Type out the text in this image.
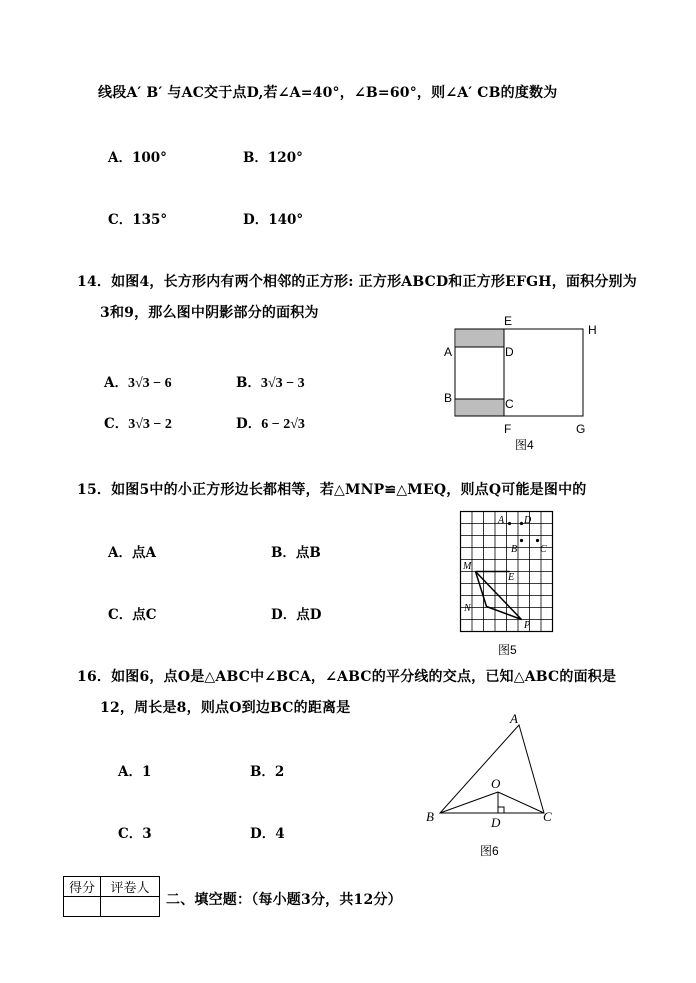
线段A′ B′ 与AC交于点D,若∠A=40°，∠B=60°，则∠A′ CB的度数为
A．100°	B．120°
C．135°	D．140°
14．如图4，长方形内有两个相邻的正方形: 正方形ABCD和正方形EFGH，面积分别为
3和9，那么图中阴影部分的面积为
A．3√3 − 6	B．3√3 − 3
C．3√3 − 2	D．6 − 2√3
E
H
A	D
B	C
F	G
图4
15．如图5中的小正方形边长都相等，若△MNP≌△MEQ，则点Q可能是图中的
A．点A	B．点B
C．点C	D．点D
A D
B C
M
E
N
P
图5
16．如图6，点O是△ABC中∠BCA，∠ABC的平分线的交点，已知△ABC的面积是
12，周长是8，则点O到边BC的距离是
A．1	B．2
C．3	D．4
A
B	C
O
D
图6
得分	评卷人

二、填空题：（每小题3分，共12分）
